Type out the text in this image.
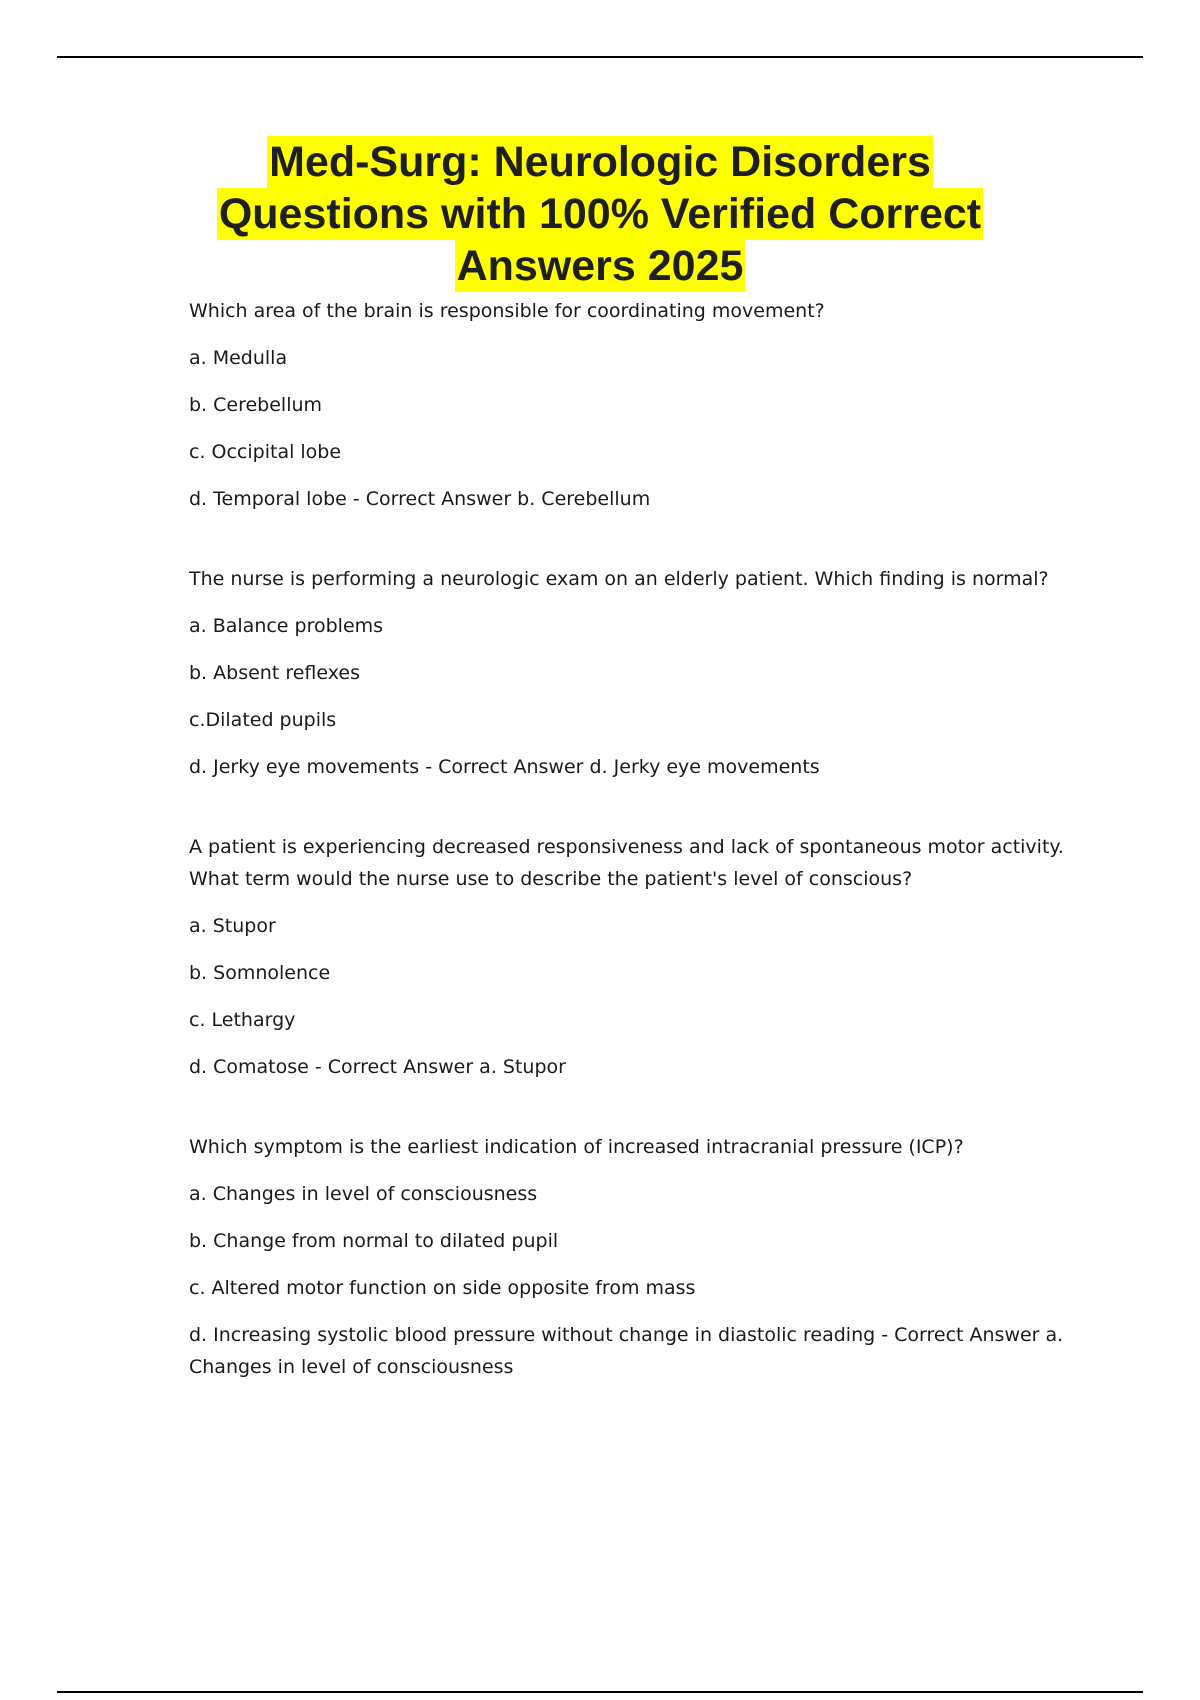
Med-Surg: Neurologic Disorders
Questions with 100% Verified Correct
Answers 2025

Which area of the brain is responsible for coordinating movement?

a. Medulla

b. Cerebellum

c. Occipital lobe

d. Temporal lobe - Correct Answer b. Cerebellum

The nurse is performing a neurologic exam on an elderly patient. Which finding is normal?

a. Balance problems

b. Absent reflexes

c.Dilated pupils

d. Jerky eye movements - Correct Answer d. Jerky eye movements

A patient is experiencing decreased responsiveness and lack of spontaneous motor activity. What term would the nurse use to describe the patient's level of conscious?

a. Stupor

b. Somnolence

c. Lethargy

d. Comatose - Correct Answer a. Stupor

Which symptom is the earliest indication of increased intracranial pressure (ICP)?

a. Changes in level of consciousness

b. Change from normal to dilated pupil

c. Altered motor function on side opposite from mass

d. Increasing systolic blood pressure without change in diastolic reading - Correct Answer a. Changes in level of consciousness
